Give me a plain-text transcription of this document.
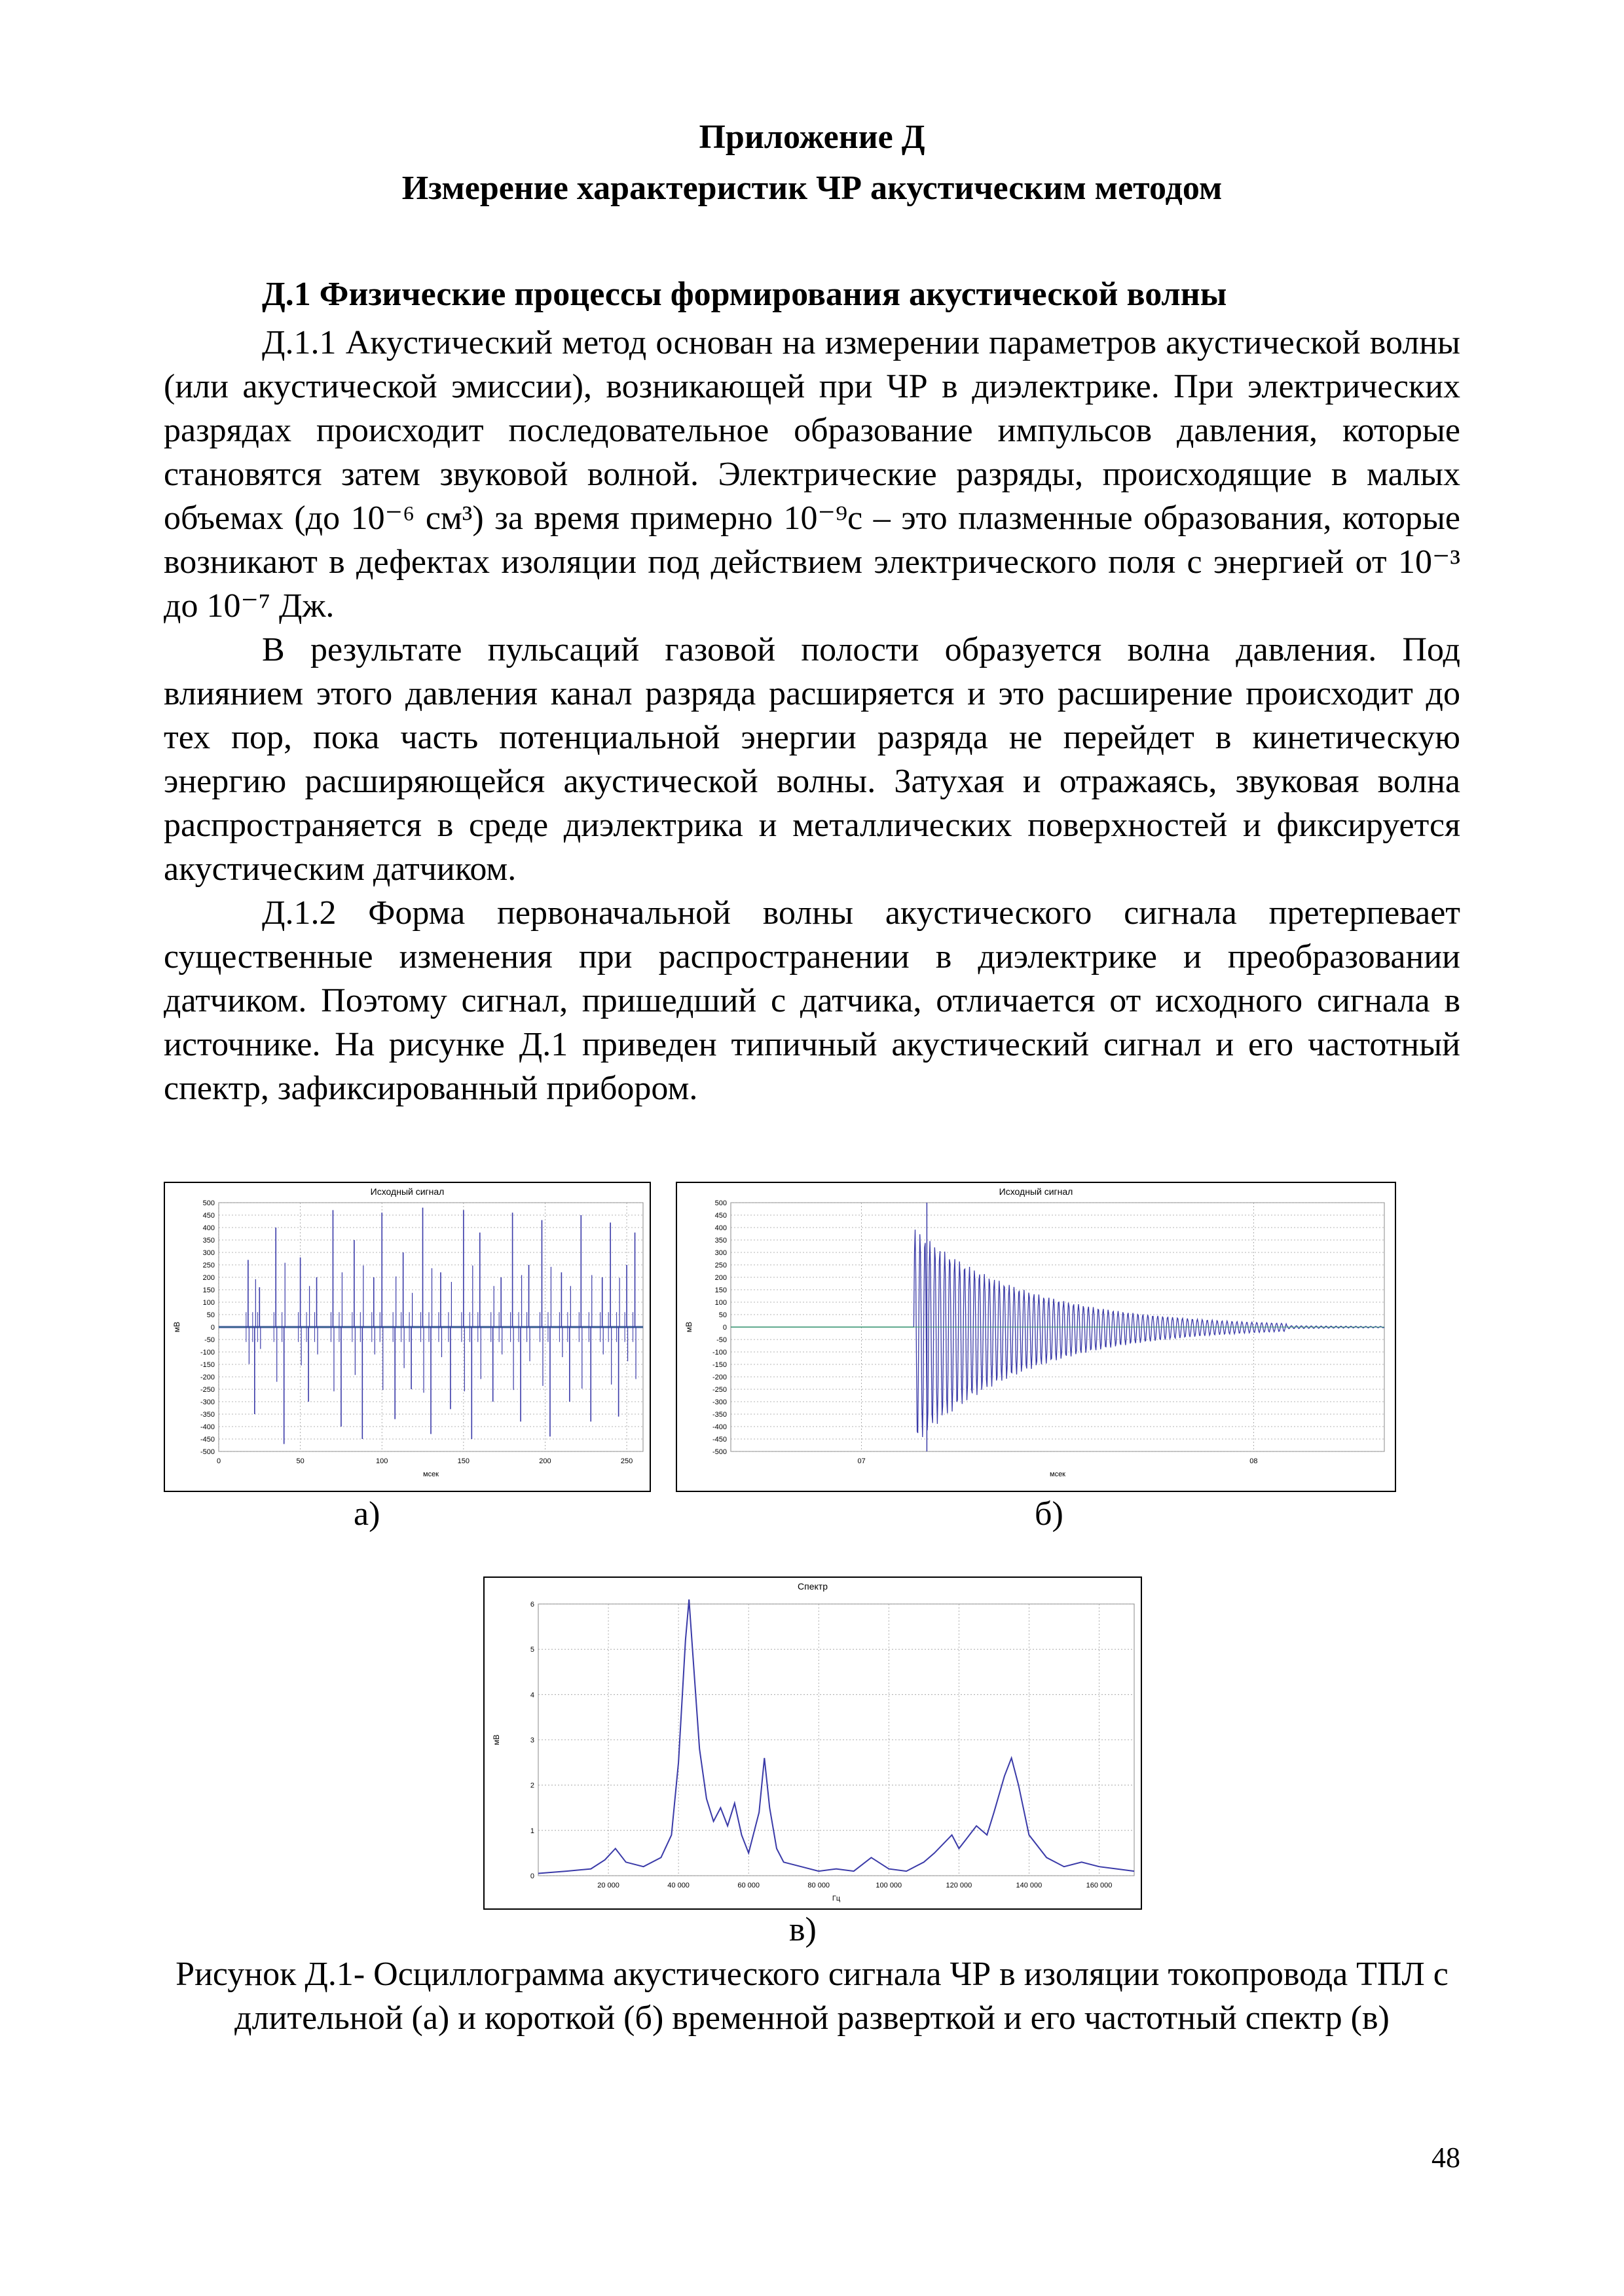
Приложение Д
Измерение характеристик ЧР акустическим методом
Д.1 Физические процессы формирования акустической волны

Д.1.1 Акустический метод основан на измерении параметров акустической волны (или акустической эмиссии), возникающей при ЧР в диэлектрике. При электрических разрядах происходит последовательное образование импульсов давления, которые становятся затем звуковой волной. Электрические разряды, происходящие в малых объемах (до 10⁻⁶ см³) за время примерно 10⁻⁹с – это плазменные образования, которые возникают в дефектах изоляции под действием электрического поля с энергией от 10⁻³ до 10⁻⁷ Дж.

В результате пульсаций газовой полости образуется волна давления. Под влиянием этого давления канал разряда расширяется и это расширение происходит до тех пор, пока часть потенциальной энергии разряда не перейдет в кинетическую энергию расширяющейся акустической волны. Затухая и отражаясь, звуковая волна распространяется в среде диэлектрика и металлических поверхностей и фиксируется акустическим датчиком.

Д.1.2 Форма первоначальной волны акустического сигнала претерпевает существенные изменения при распространении в диэлектрике и преобразовании датчиком. Поэтому сигнал, пришедший с датчика, отличается от исходного сигнала в источнике. На рисунке Д.1 приведен типичный акустический сигнал и его частотный спектр, зафиксированный прибором.

Исходный сигнал
500
450
400
350
300
250
200
150
100
50
0
-50
-100
-150
-200
-250
-300
-350
-400
-450
-500
0	50	100	150	200	250
мсек
мВ
а)
Исходный сигнал
500
450
400
350
300
250
200
150
100
50
0
-50
-100
-150
-200
-250
-300
-350
-400
-450
-500
07	08
мсек
мВ
б)
Спектр
6
5
4
3
2
1
0
20 000	40 000	60 000	80 000	100 000	120 000	140 000	160 000
Гц
мВ
в)
Рисунок Д.1- Осциллограмма акустического сигнала ЧР в изоляции токопровода ТПЛ с длительной (а) и короткой (б) временной разверткой и его частотный спектр (в)
48
